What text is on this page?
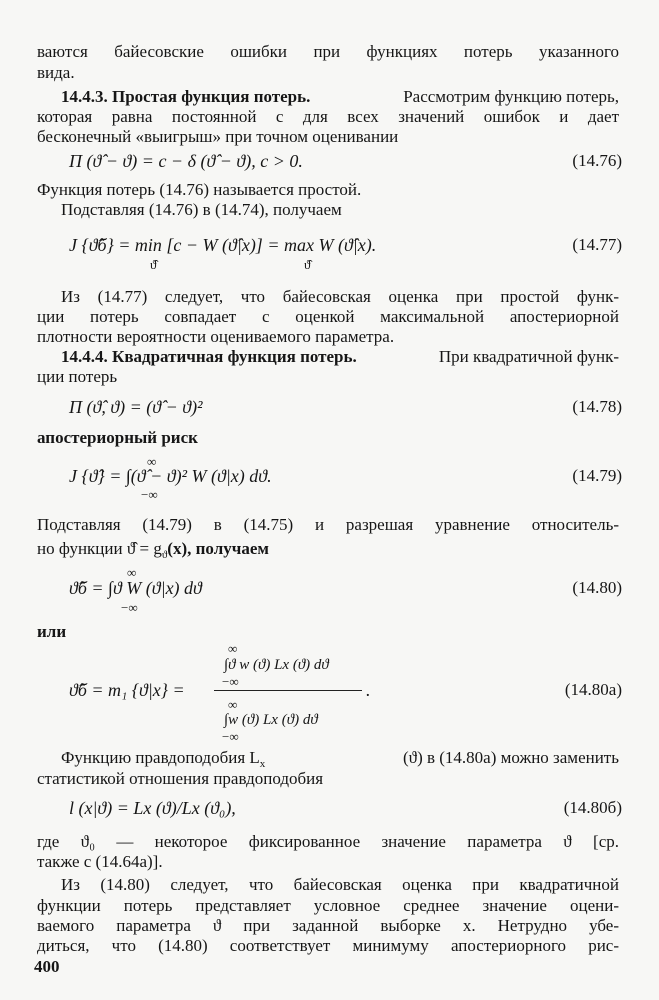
ваются байесовские ошибки при функциях потерь указанного
вида.
14.4.3. Простая функция потерь.	Рассмотрим функцию потерь,
которая равна постоянной c для всех значений ошибок и дает
бесконечный «выигрыш» при точном оценивании
Π (ϑ̂ − ϑ) = c − δ (ϑ̂ − ϑ), c > 0.	(14.76)
Функция потерь (14.76) называется простой.
Подставляя (14.76) в (14.74), получаем
J {ϑ̂б} = min [c − W (ϑ̂|x)] = max W (ϑ̂|x).
ϑ̂	ϑ̂
(14.77)
Из (14.77) следует, что байесовская оценка при простой функ-
ции потерь совпадает с оценкой максимальной апостериорной
плотности вероятности оцениваемого параметра.
14.4.4. Квадратичная функция потерь.	При квадратичной функ-
ции потерь
Π (ϑ̂, ϑ) = (ϑ̂ − ϑ)²	(14.78)
апостериорный риск
∞
J {ϑ̂} = ∫(ϑ̂ − ϑ)² W (ϑ|x) dϑ.
−∞
(14.79)
Подставляя (14.79) в (14.75) и разрешая уравнение относитель-
но функции ϑ̂ = $g_ϑ(x)$, получаем
∞
ϑ̂б = ∫ϑ W (ϑ|x) dϑ
−∞
(14.80)
или
∞
∫ϑ w (ϑ) Lx (ϑ) dϑ
−∞
ϑ̂б = m₁ {ϑ|x} =	.
∞
∫w (ϑ) Lx (ϑ) dϑ
−∞
(14.80a)
Функцию правдоподобия $L_x$	(ϑ) в (14.80a) можно заменить
статистикой отношения правдоподобия
l (x|ϑ) = Lx (ϑ)/Lx (ϑ₀),	(14.80б)
где ϑ₀ — некоторое фиксированное значение параметра ϑ [ср.
также с (14.64a)].
Из (14.80) следует, что байесовская оценка при квадратичной
функции потерь представляет условное среднее значение оцени-
ваемого параметра ϑ при заданной выборке x. Нетрудно убе-
диться, что (14.80) соответствует минимуму апостериорного рис-
400
